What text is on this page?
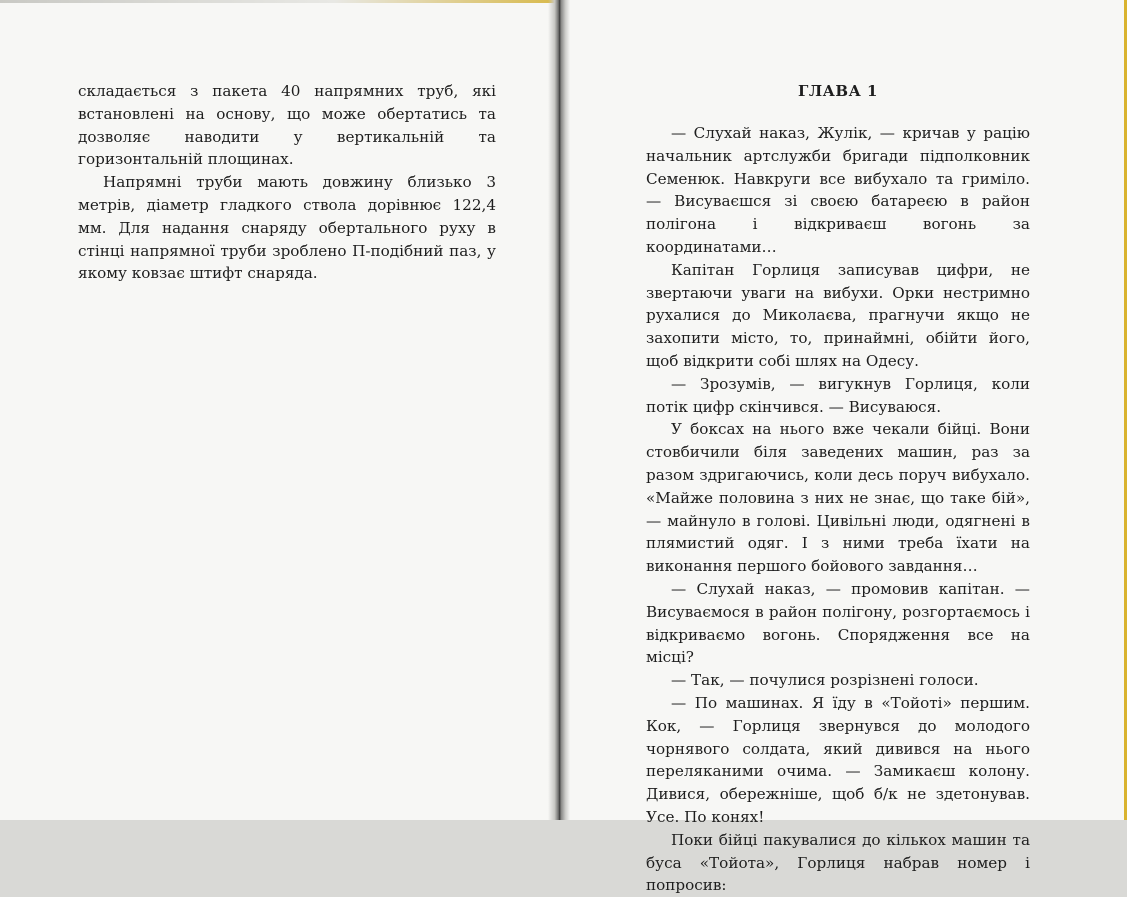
складається з пакета 40 напрямних труб, які встановлені на основу, що може обертатись та дозволяє наводити у вертикальній та горизонтальній площинах.

Напрямні труби мають довжину близько 3 метрів, діаметр гладкого ствола дорівнює 122,4 мм. Для надання снаряду обертального руху в стінці напрямної труби зроблено П-подібний паз, у якому ковзає штифт снаряда.

ГЛАВА 1

— Слухай наказ, Жулік, — кричав у рацію начальник артслужби бригади підполковник Семенюк. Навкруги все вибухало та гриміло. — Висуваєшся зі своєю батареєю в район полігона і відкриваєш вогонь за координатами…

Капітан Горлиця записував цифри, не звертаючи уваги на вибухи. Орки нестримно рухалися до Миколаєва, прагнучи якщо не захопити місто, то, принаймні, обійти його, щоб відкрити собі шлях на Одесу.

— Зрозумів, — вигукнув Горлиця, коли потік цифр скінчився. — Висуваюся.

У боксах на нього вже чекали бійці. Вони стовбичили біля заведених машин, раз за разом здригаючись, коли десь поруч вибухало. «Майже половина з них не знає, що таке бій», — майнуло в голові. Цивільні люди, одягнені в плямистий одяг. І з ними треба їхати на виконання першого бойового завдання…

— Слухай наказ, — промовив капітан. — Висуваємося в район полігону, розгортаємось і відкриваємо вогонь. Спорядження все на місці?

— Так, — почулися розрізнені голоси.

— По машинах. Я їду в «Тойоті» першим. Кок, — Горлиця звернувся до молодого чорнявого солдата, який дивився на нього переляканими очима. — Замикаєш колону. Дивися, обережніше, щоб б/к не здетонував. Усе. По конях!

Поки бійці пакувалися до кількох машин та буса «Тойота», Горлиця набрав номер і попросив:
